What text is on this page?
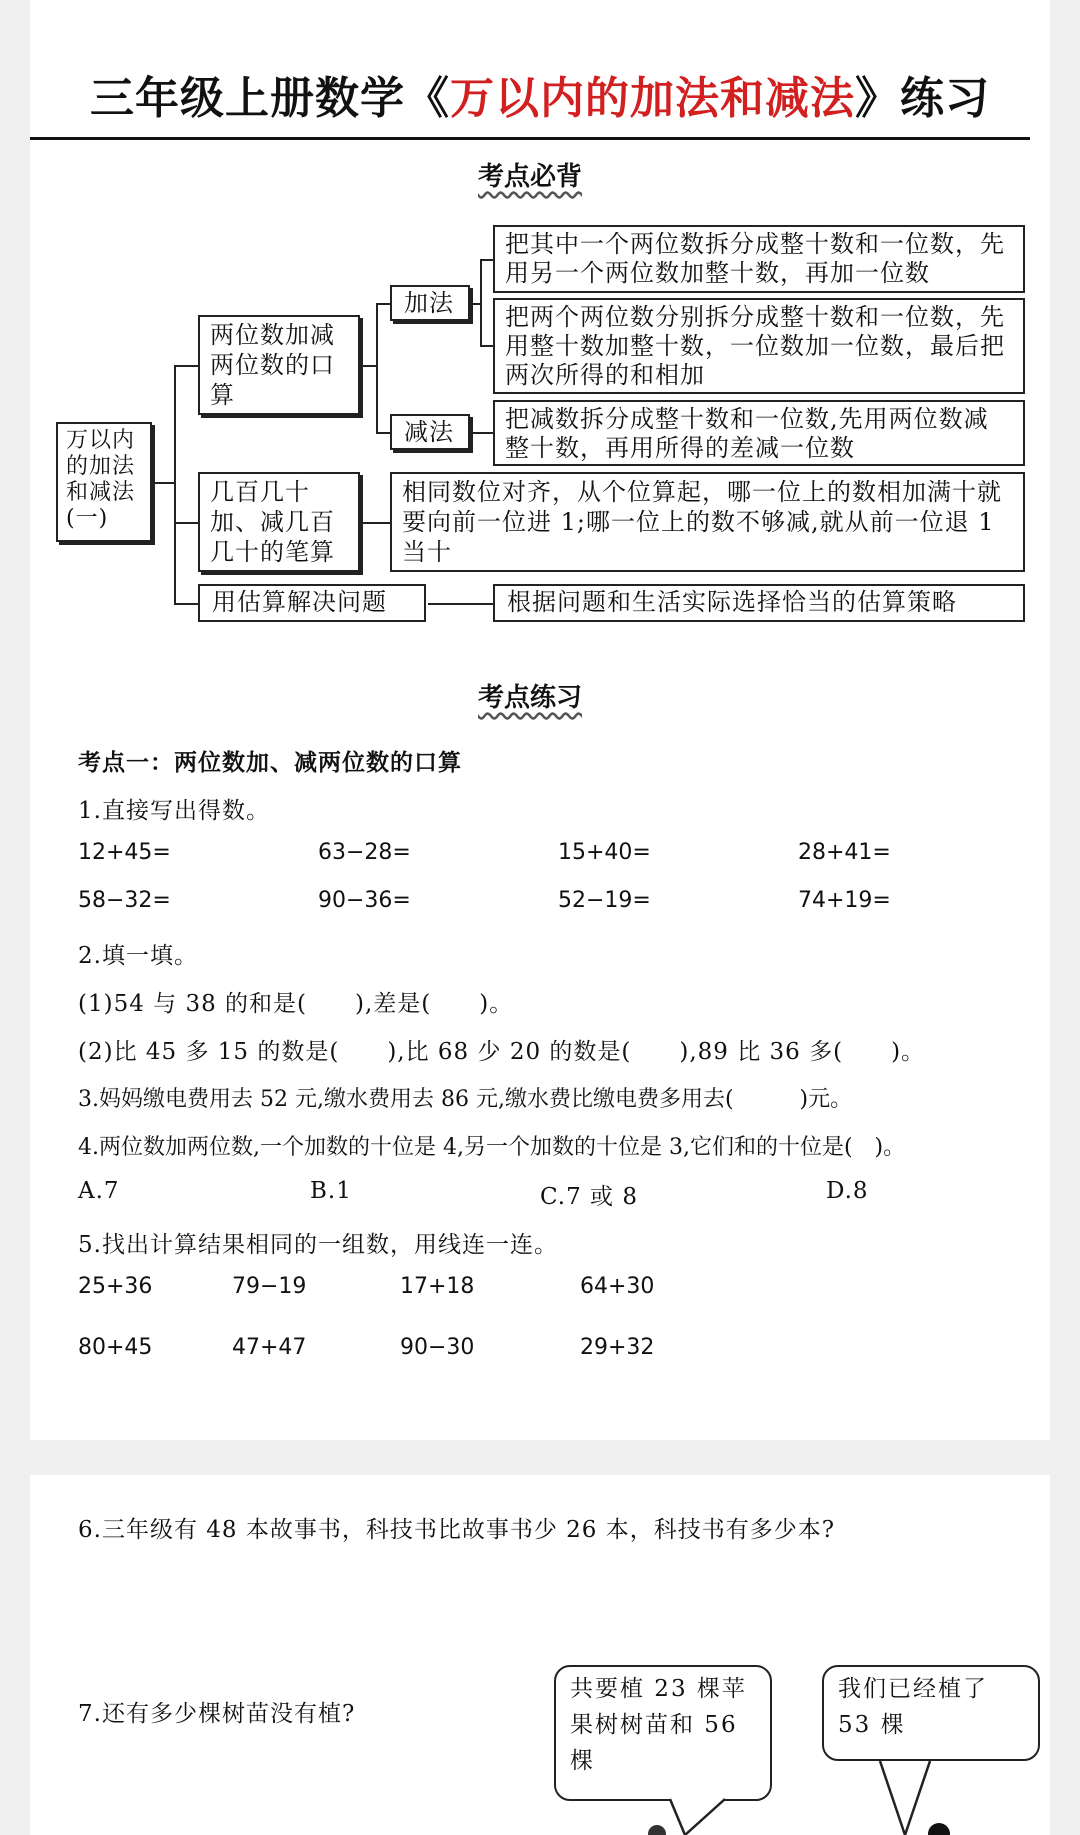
三年级上册数学《万以内的加法和减法》练习
考点必背
万以内的加法和减法(一)
两位数加减两位数的口算
加法
减法
把其中一个两位数拆分成整十数和一位数，先用另一个两位数加整十数，再加一位数
把两个两位数分别拆分成整十数和一位数，先用整十数加整十数，一位数加一位数，最后把两次所得的和相加
把减数拆分成整十数和一位数,先用两位数减整十数，再用所得的差减一位数
几百几十加、减几百几十的笔算
相同数位对齐，从个位算起，哪一位上的数相加满十就要向前一位进 1;哪一位上的数不够减,就从前一位退 1 当十
用估算解决问题	根据问题和生活实际选择恰当的估算策略
考点练习
考点一：两位数加、减两位数的口算
1.直接写出得数。
12+45=	63−28=	15+40=	28+41=
58−32=	90−36=	52−19=	74+19=
2.填一填。
(1)54 与 38 的和是(　　),差是(　　)。
(2)比 45 多 15 的数是(　　),比 68 少 20 的数是(　　),89 比 36 多(　　)。
3.妈妈缴电费用去 52 元,缴水费用去 86 元,缴水费比缴电费多用去(　　　)元。
4.两位数加两位数,一个加数的十位是 4,另一个加数的十位是 3,它们和的十位是(　)。
A.7	B.1	C.7 或 8	D.8
5.找出计算结果相同的一组数，用线连一连。
25+36	79−19	17+18	64+30
80+45	47+47	90−30	29+32
6.三年级有 48 本故事书，科技书比故事书少 26 本，科技书有多少本?
7.还有多少棵树苗没有植?
共要植 23 棵苹果树树苗和 56 棵
我们已经植了 53 棵
